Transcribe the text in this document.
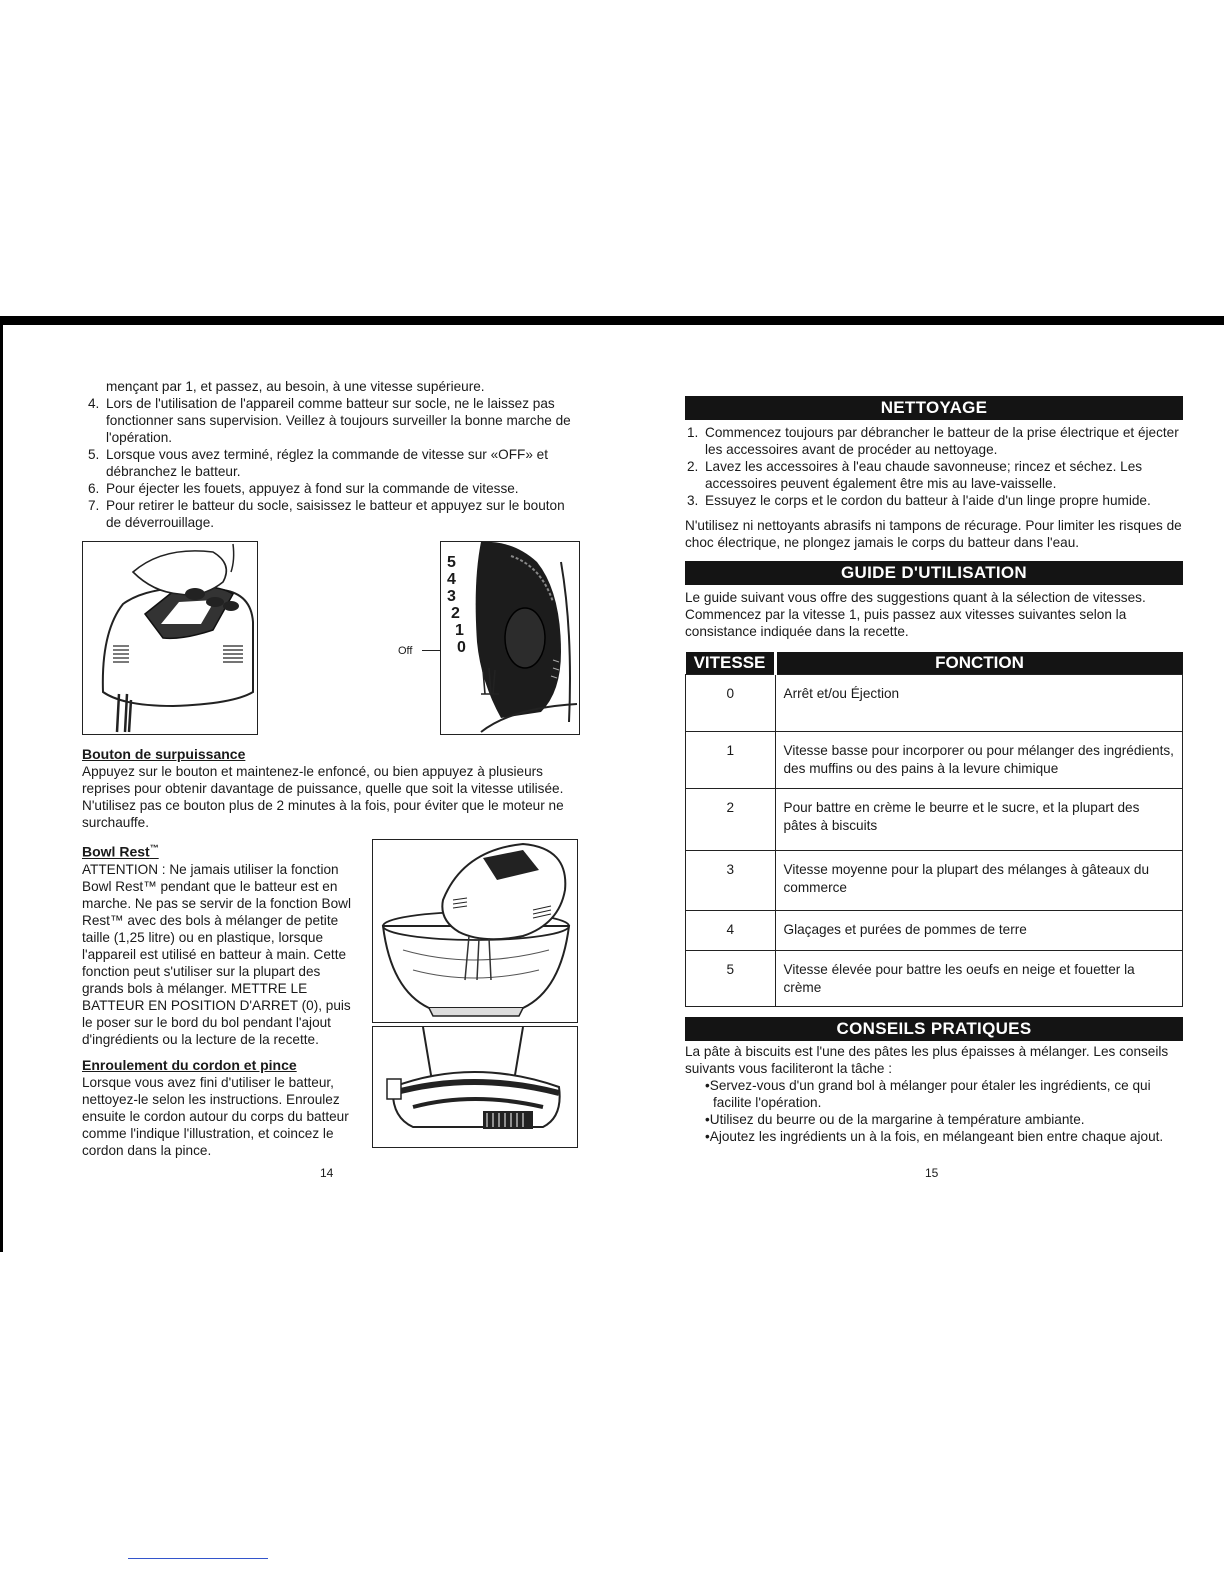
mençant par 1, et passez, au besoin, à une vitesse supérieure.

4. Lors de l'utilisation de l'appareil comme batteur sur socle, ne le laissez pas fonctionner sans supervision. Veillez à toujours surveiller la bonne marche de l'opération.
5. Lorsque vous avez terminé, réglez la commande de vitesse sur «OFF» et débranchez le batteur.
6. Pour éjecter les fouets, appuyez à fond sur la commande de vitesse.
7. Pour retirer le batteur du socle, saisissez le batteur et appuyez sur le bouton de déverrouillage.
Off
5
4
3
2
1
0
Bouton de surpuissance

Appuyez sur le bouton et maintenez-le enfoncé, ou bien appuyez à plusieurs reprises pour obtenir davantage de puissance, quelle que soit la vitesse utilisée. N'utilisez pas ce bouton plus de 2 minutes à la fois, pour éviter que le moteur ne surchauffe.

Bowl Rest™

ATTENTION : Ne jamais utiliser la fonction Bowl Rest™ pendant que le batteur est en marche. Ne pas se servir de la fonction Bowl Rest™ avec des bols à mélanger de petite taille (1,25 litre) ou en plastique, lorsque l'appareil est utilisé en batteur à main. Cette fonction peut s'utiliser sur la plupart des grands bols à mélanger. METTRE LE BATTEUR EN POSITION D'ARRET (0), puis le poser sur le bord du bol pendant l'ajout d'ingrédients ou la lecture de la recette.

Enroulement du cordon et pince

Lorsque vous avez fini d'utiliser le batteur, nettoyez-le selon les instructions. Enroulez ensuite le cordon autour du corps du batteur comme l'indique l'illustration, et coincez le cordon dans la pince.

14
NETTOYAGE
1. Commencez toujours par débrancher le batteur de la prise électrique et éjecter les accessoires avant de procéder au nettoyage.
2. Lavez les accessoires à l'eau chaude savonneuse; rincez et séchez. Les accessoires peuvent également être mis au lave-vaisselle.
3. Essuyez le corps et le cordon du batteur à l'aide d'un linge propre humide.

N'utilisez ni nettoyants abrasifs ni tampons de récurage. Pour limiter les risques de choc électrique, ne plongez jamais le corps du batteur dans l'eau.

GUIDE D'UTILISATION

Le guide suivant vous offre des suggestions quant à la sélection de vitesses. Commencez par la vitesse 1, puis passez aux vitesses suivantes selon la consistance indiquée dans la recette.

VITESSE	FONCTION
0	Arrêt et/ou Éjection
1	Vitesse basse pour incorporer ou pour mélanger des ingrédients, des muffins ou des pains à la levure chimique
2	Pour battre en crème le beurre et le sucre, et la plupart des pâtes à biscuits
3	Vitesse moyenne pour la plupart des mélanges à gâteaux du commerce
4	Glaçages et purées de pommes de terre
5	Vitesse élevée pour battre les oeufs en neige et fouetter la crème
CONSEILS PRATIQUES

La pâte à biscuits est l'une des pâtes les plus épaisses à mélanger. Les conseils suivants vous faciliteront la tâche :

•Servez-vous d'un grand bol à mélanger pour étaler les ingrédients, ce qui facilite l'opération.
•Utilisez du beurre ou de la margarine à température ambiante.
•Ajoutez les ingrédients un à la fois, en mélangeant bien entre chaque ajout.
15
